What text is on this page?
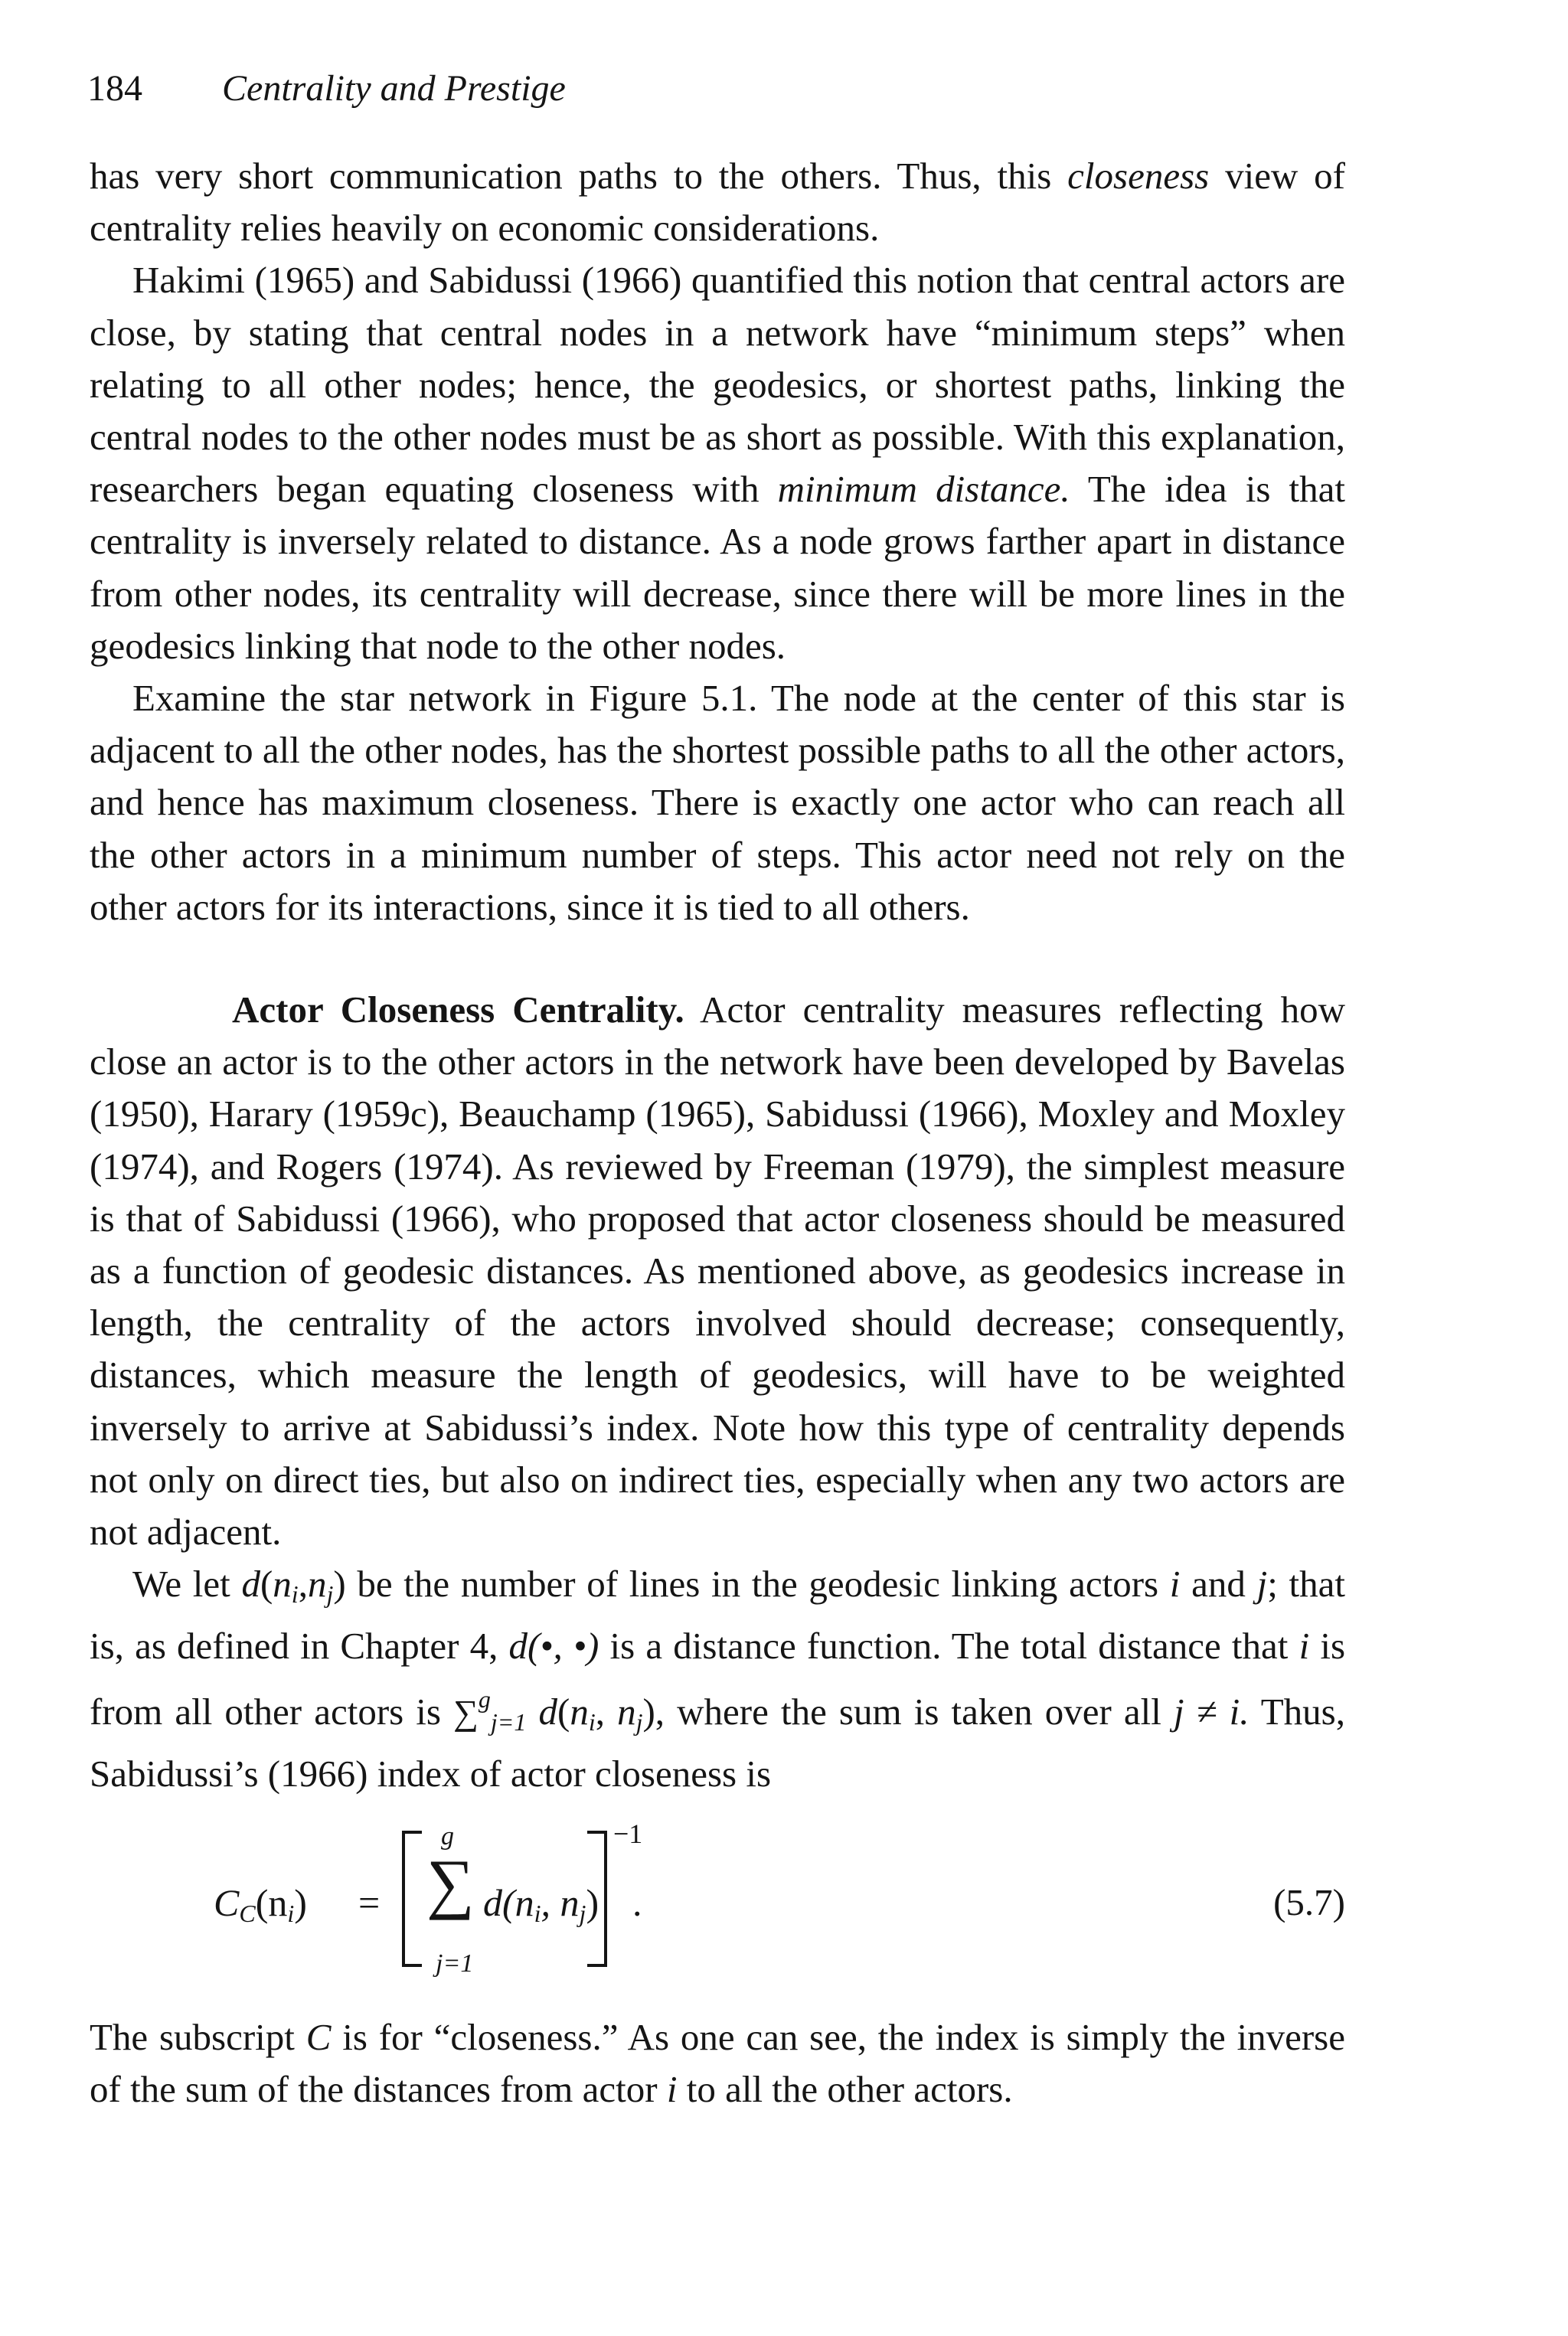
184 Centrality and Prestige

has very short communication paths to the others. Thus, this closeness view of centrality relies heavily on economic considerations.

Hakimi (1965) and Sabidussi (1966) quantified this notion that central actors are close, by stating that central nodes in a network have “minimum steps” when relating to all other nodes; hence, the geodesics, or shortest paths, linking the central nodes to the other nodes must be as short as possible. With this explanation, researchers began equating closeness with minimum distance. The idea is that centrality is inversely related to distance. As a node grows farther apart in distance from other nodes, its centrality will decrease, since there will be more lines in the geodesics linking that node to the other nodes.

Examine the star network in Figure 5.1. The node at the center of this star is adjacent to all the other nodes, has the shortest possible paths to all the other actors, and hence has maximum closeness. There is exactly one actor who can reach all the other actors in a minimum number of steps. This actor need not rely on the other actors for its interactions, since it is tied to all others.

Actor Closeness Centrality. Actor centrality measures reflecting how close an actor is to the other actors in the network have been developed by Bavelas (1950), Harary (1959c), Beauchamp (1965), Sabidussi (1966), Moxley and Moxley (1974), and Rogers (1974). As reviewed by Freeman (1979), the simplest measure is that of Sabidussi (1966), who proposed that actor closeness should be measured as a function of geodesic distances. As mentioned above, as geodesics increase in length, the centrality of the actors involved should decrease; consequently, distances, which measure the length of geodesics, will have to be weighted inversely to arrive at Sabidussi’s index. Note how this type of centrality depends not only on direct ties, but also on indirect ties, especially when any two actors are not adjacent.

We let $d(n_i,n_j)$ be the number of lines in the geodesic linking actors i and j; that is, as defined in Chapter 4, d(•, •) is a distance function. The total distance that i is from all other actors is ∑$^g_{j=1}$ $d(n_i$, $n_j$), where the sum is taken over all j ≠ i. Thus, Sabidussi’s (1966) index of actor closeness is

$C_C(n_i)$ =
g
∑
j=1
$d(n_i$, $n_j$)
−1
.	(5.7)

The subscript C is for “closeness.” As one can see, the index is simply the inverse of the sum of the distances from actor i to all the other actors.
